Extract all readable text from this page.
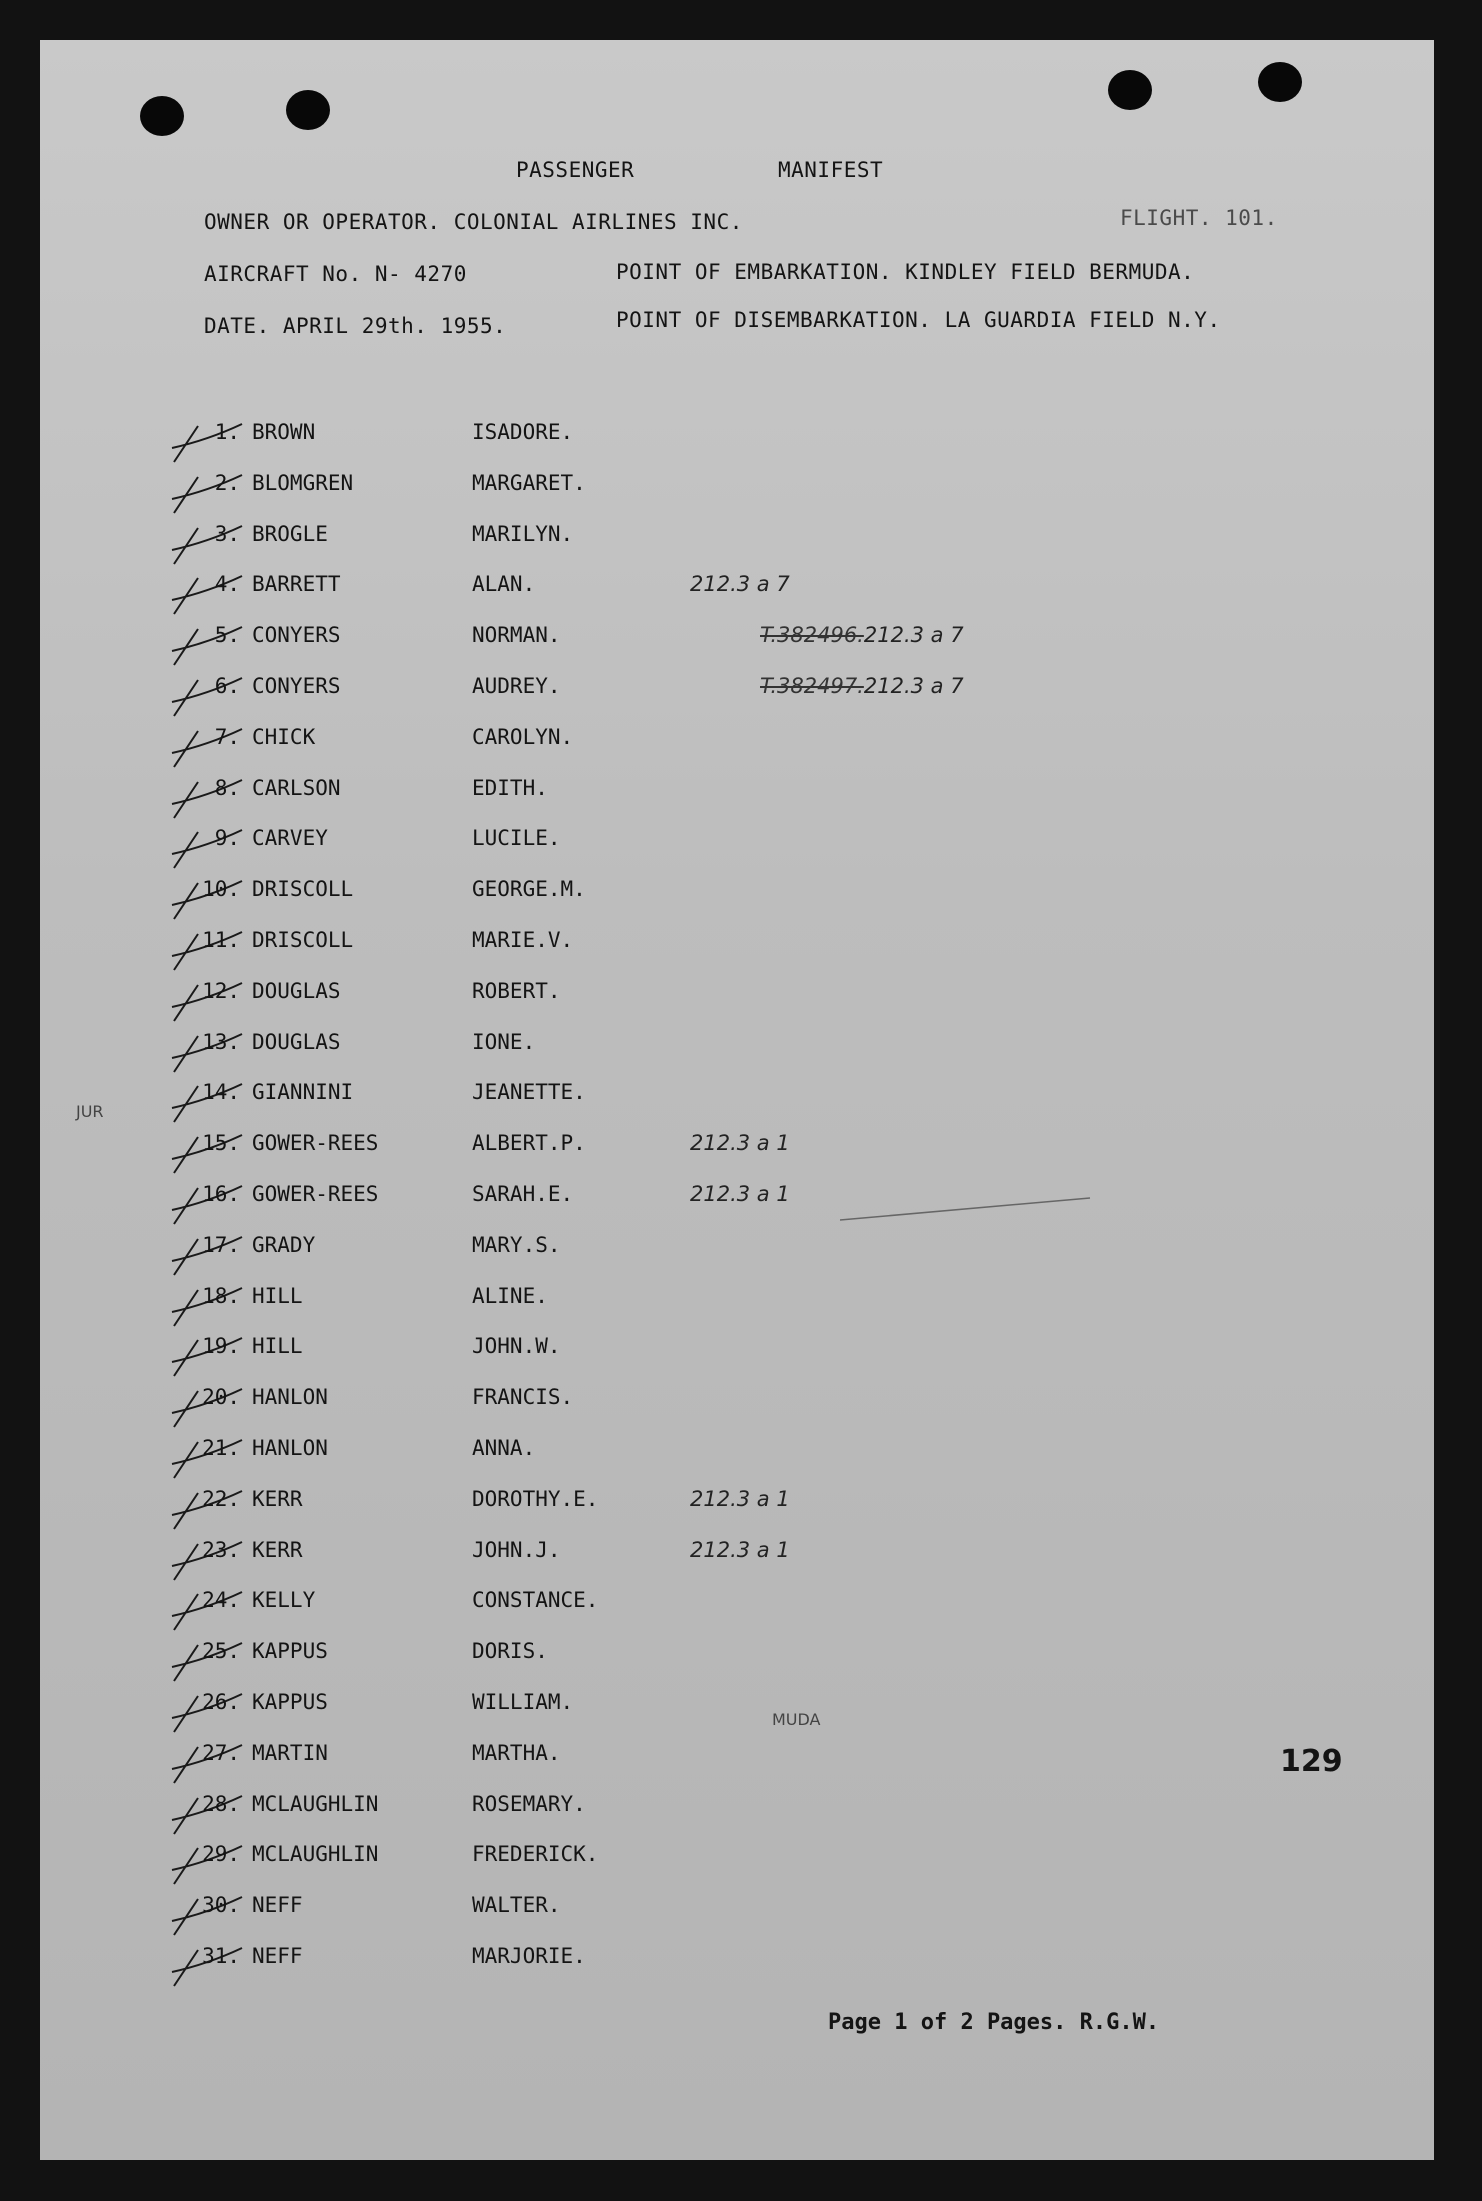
PASSENGER	MANIFEST
OWNER OR OPERATOR. COLONIAL AIRLINES INC.	FLIGHT. 101.
AIRCRAFT No. N- 4270	POINT OF EMBARKATION. KINDLEY FIELD BERMUDA.
DATE. APRIL 29th. 1955.	POINT OF DISEMBARKATION. LA GUARDIA FIELD N.Y.
1. BROWN	ISADORE.
2. BLOMGREN	MARGARET.
3. BROGLE	MARILYN.
4. BARRETT	ALAN.	212.3 a 7
5. CONYERS	NORMAN.	T.382496.212.3 a 7
6. CONYERS	AUDREY.	T.382497.212.3 a 7
7. CHICK	CAROLYN.
8. CARLSON	EDITH.
9. CARVEY	LUCILE.
10. DRISCOLL	GEORGE.M.
11. DRISCOLL	MARIE.V.
12. DOUGLAS	ROBERT.
13. DOUGLAS	IONE.
14. GIANNINI	JEANETTE.
15. GOWER-REES	ALBERT.P.	212.3 a 1
16. GOWER-REES	SARAH.E.	212.3 a 1
17. GRADY	MARY.S.
18. HILL	ALINE.
19. HILL	JOHN.W.
20. HANLON	FRANCIS.
21. HANLON	ANNA.
22. KERR	DOROTHY.E.	212.3 a 1
23. KERR	JOHN.J.	212.3 a 1
24. KELLY	CONSTANCE.
25. KAPPUS	DORIS.
26. KAPPUS	WILLIAM.
27. MARTIN	MARTHA.
28. MCLAUGHLIN	ROSEMARY.
29. MCLAUGHLIN	FREDERICK.
30. NEFF	WALTER.
31. NEFF	MARJORIE.
JUR
MUDA
129
Page 1 of 2 Pages. R.G.W.
